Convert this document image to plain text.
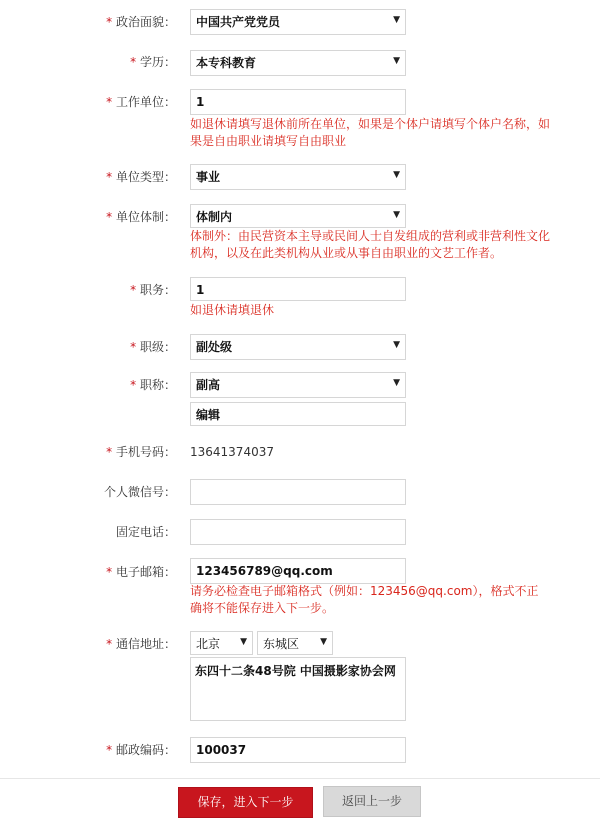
* 政治面貌：	中国共产党党员	▼
* 学历：	本专科教育	▼
* 工作单位：	1
如退休请填写退休前所在单位，如果是个体户请填写个体户名称，如果是自由职业请填写自由职业
* 单位类型：	事业	▼
* 单位体制：	体制内	▼
体制外：由民营资本主导或民间人士自发组成的营利或非营利性文化机构，以及在此类机构从业或从事自由职业的文艺工作者。
* 职务：	1
如退休请填退休
* 职级：	副处级	▼
* 职称：	副高	▼
编辑
* 手机号码： 13641374037
个人微信号：
固定电话：
* 电子邮箱：	123456789@qq.com
请务必检查电子邮箱格式（例如：123456@qq.com），格式不正确将不能保存进入下一步。
* 通信地址：	北京 ▼	东城区 ▼
东四十二条48号院 中国摄影家协会网
* 邮政编码：	100037
保存，进入下一步	返回上一步
